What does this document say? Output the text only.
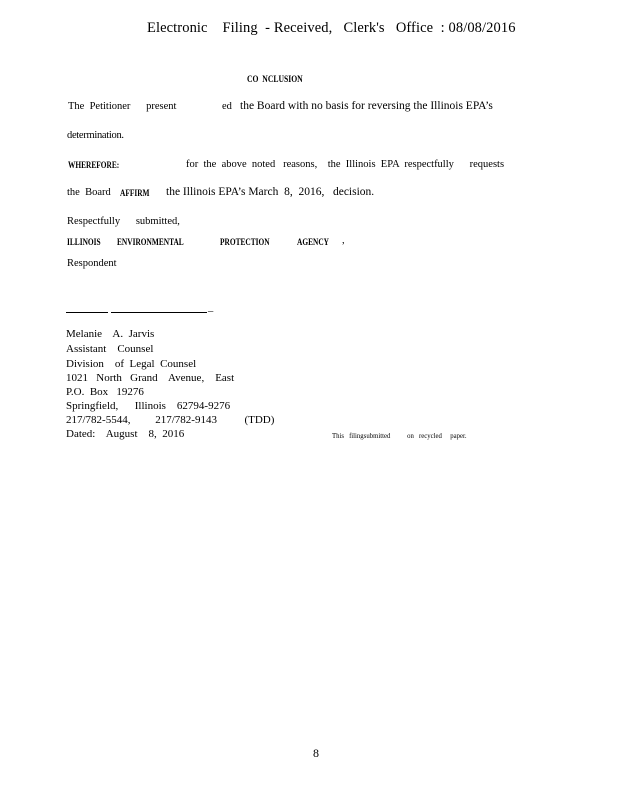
Electronic    Filing  - Received,   Clerk's   Office  : 08/08/2016
CO  NCLUSION
The  Petitioner      present	ed the Board with no basis for reversing the Illinois EPA’s
determination.
WHEREFORE:	for  the  above  noted   reasons,    the  Illinois  EPA  respectfully      requests
the  Board AFFIRM the Illinois EPA’s March  8,  2016,   decision.
Respectfully      submitted,
ILLINOIS ENVIRONMENTAL	PROTECTION	AGENCY ,
Respondent
_
Melanie    A.  Jarvis
Assistant    Counsel
Division    of  Legal  Counsel
1021   North   Grand    Avenue,    East
P.O.  Box   19276
Springfield,      Illinois    62794-9276
217/782-5544,         217/782-9143          (TDD)
Dated:    August    8,  2016	This   filingsubmitted          on   recycled     paper.
8
